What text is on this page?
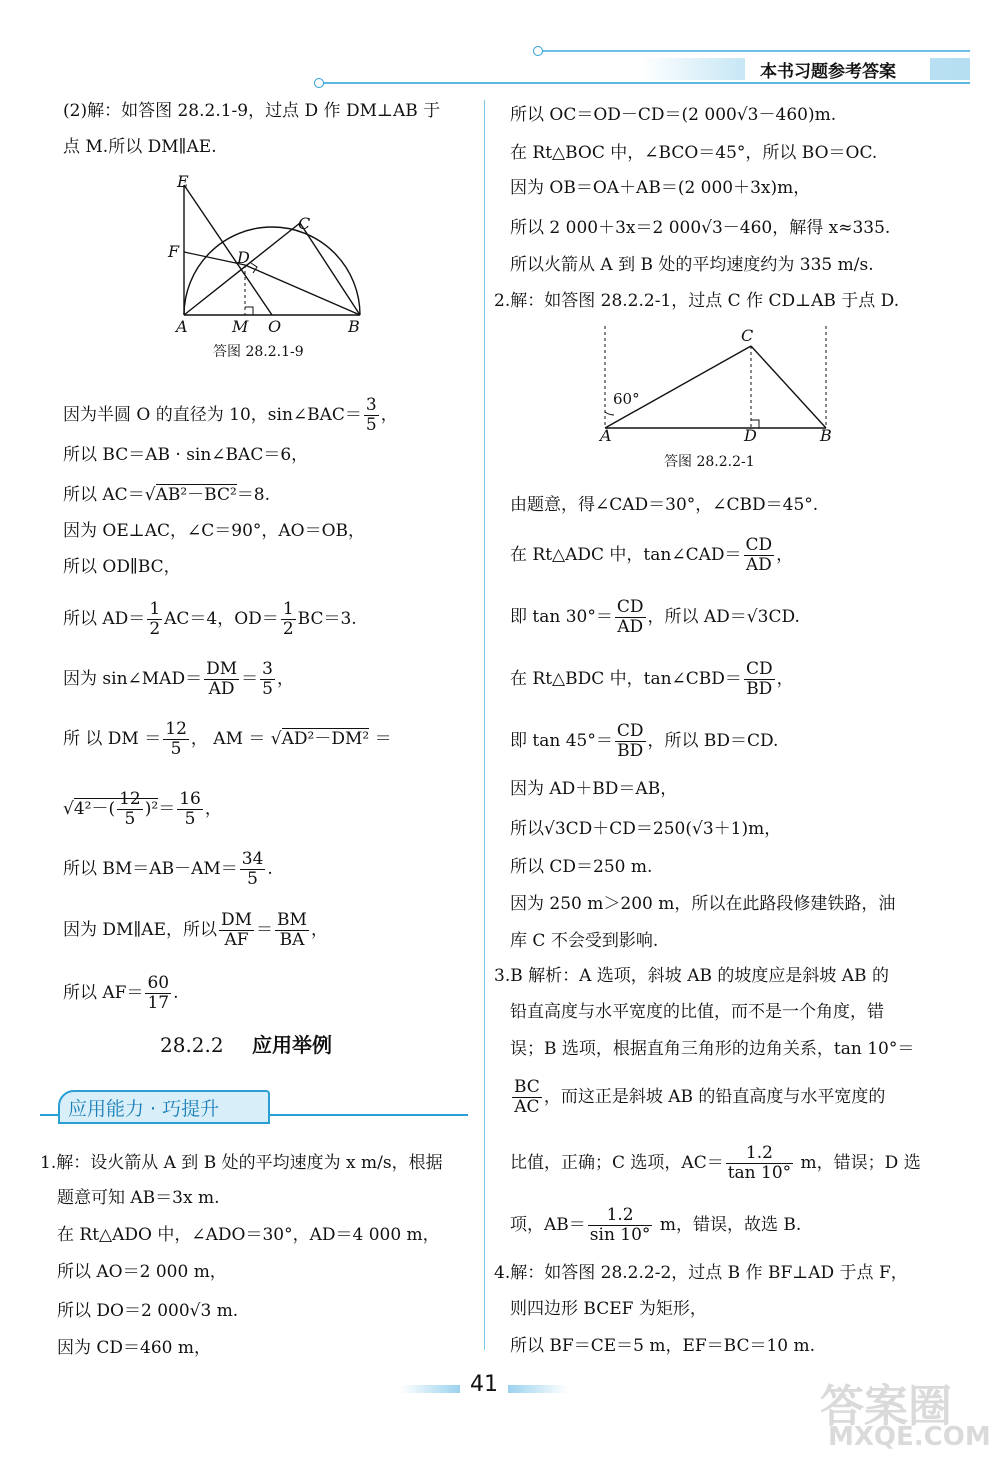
本书习题参考答案
(2)解：如答图 28.2.1-9，过点 D 作 DM⊥AB 于
点 M.所以 DM∥AE.
E
F	D
C
A	M O	B
答图 28.2.1-9
因为半圆 O 的直径为 10，sin∠BAC＝ $\frac{3}{5}$ ，
所以 BC＝AB · sin∠BAC＝6，
所以 AC＝√AB²－BC²＝8.
因为 OE⊥AC，∠C＝90°，AO＝OB，
所以 OD∥BC，
所以 $AD= \frac{1}{2} AC=4$，$OD= \frac{1}{2} BC=3$.
因为 sin∠MAD＝ $\frac{DM}{AD} = \frac{3}{5}$ ，
所 以 DM ＝ $\frac{12}{5}$ ， AM ＝ √AD²－DM² ＝
$√4^2-( \frac{12}{5} )^2= \frac{16}{5}$ ，
所以 $BM=AB-AM= \frac{34}{5}$ .
因为 DM∥AE，所以 $\frac{DM}{AF} = \frac{BM}{BA}$ ，
所以 $AF= \frac{60}{17}$ .
28.2.2 应用举例
应用能力 · 巧提升
1.解：设火箭从 A 到 B 处的平均速度为 x m/s，根据
题意可知 AB＝3x m.
在 Rt△ADO 中，∠ADO＝30°，AD＝4 000 m，
所以 AO＝2 000 m，
所以 DO＝2 000√3 m.
因为 CD＝460 m，
所以 OC＝OD－CD＝(2 000√3－460)m.
在 Rt△BOC 中，∠BCO＝45°，所以 BO＝OC.
因为 OB＝OA＋AB＝(2 000＋3x)m，
所以 2 000＋3x＝2 000√3－460，解得 x≈335.
所以火箭从 A 到 B 处的平均速度约为 335 m/s.
2.解：如答图 28.2.2-1，过点 C 作 CD⊥AB 于点 D.
C
60°
A	D	B
答图 28.2.2-1
由题意，得∠CAD＝30°，∠CBD＝45°.
在 Rt△ADC 中，tan∠CAD＝ $\frac{CD}{AD}$ ，
即 $\tan 30^\circ= \frac{CD}{AD}$ ，所以 AD＝√3CD.
在 Rt△BDC 中，tan∠CBD＝ $\frac{CD}{BD}$ ，
即 $\tan 45^\circ= \frac{CD}{BD}$ ，所以 BD＝CD.
因为 AD＋BD＝AB，
所以√3CD＋CD＝250(√3＋1)m，
所以 CD＝250 m.
因为 250 m＞200 m，所以在此路段修建铁路，油
库 C 不会受到影响.
3.B 解析：A 选项，斜坡 AB 的坡度应是斜坡 AB 的
铅直高度与水平宽度的比值，而不是一个角度，错
误；B 选项，根据直角三角形的边角关系，tan 10°＝
$\frac{BC}{AC}$ ，而这正是斜坡 AB 的铅直高度与水平宽度的
比值，正确；C 选项，$AC= \frac{1.2}{\tan 10^\circ}$ m，错误；D 选
项，$AB= \frac{1.2}{\sin 10^\circ}$ m，错误，故选 B.
4.解：如答图 28.2.2-2，过点 B 作 BF⊥AD 于点 F，
则四边形 BCEF 为矩形，
所以 BF＝CE＝5 m，EF＝BC＝10 m.
41	答案圈
MXQE.COM
